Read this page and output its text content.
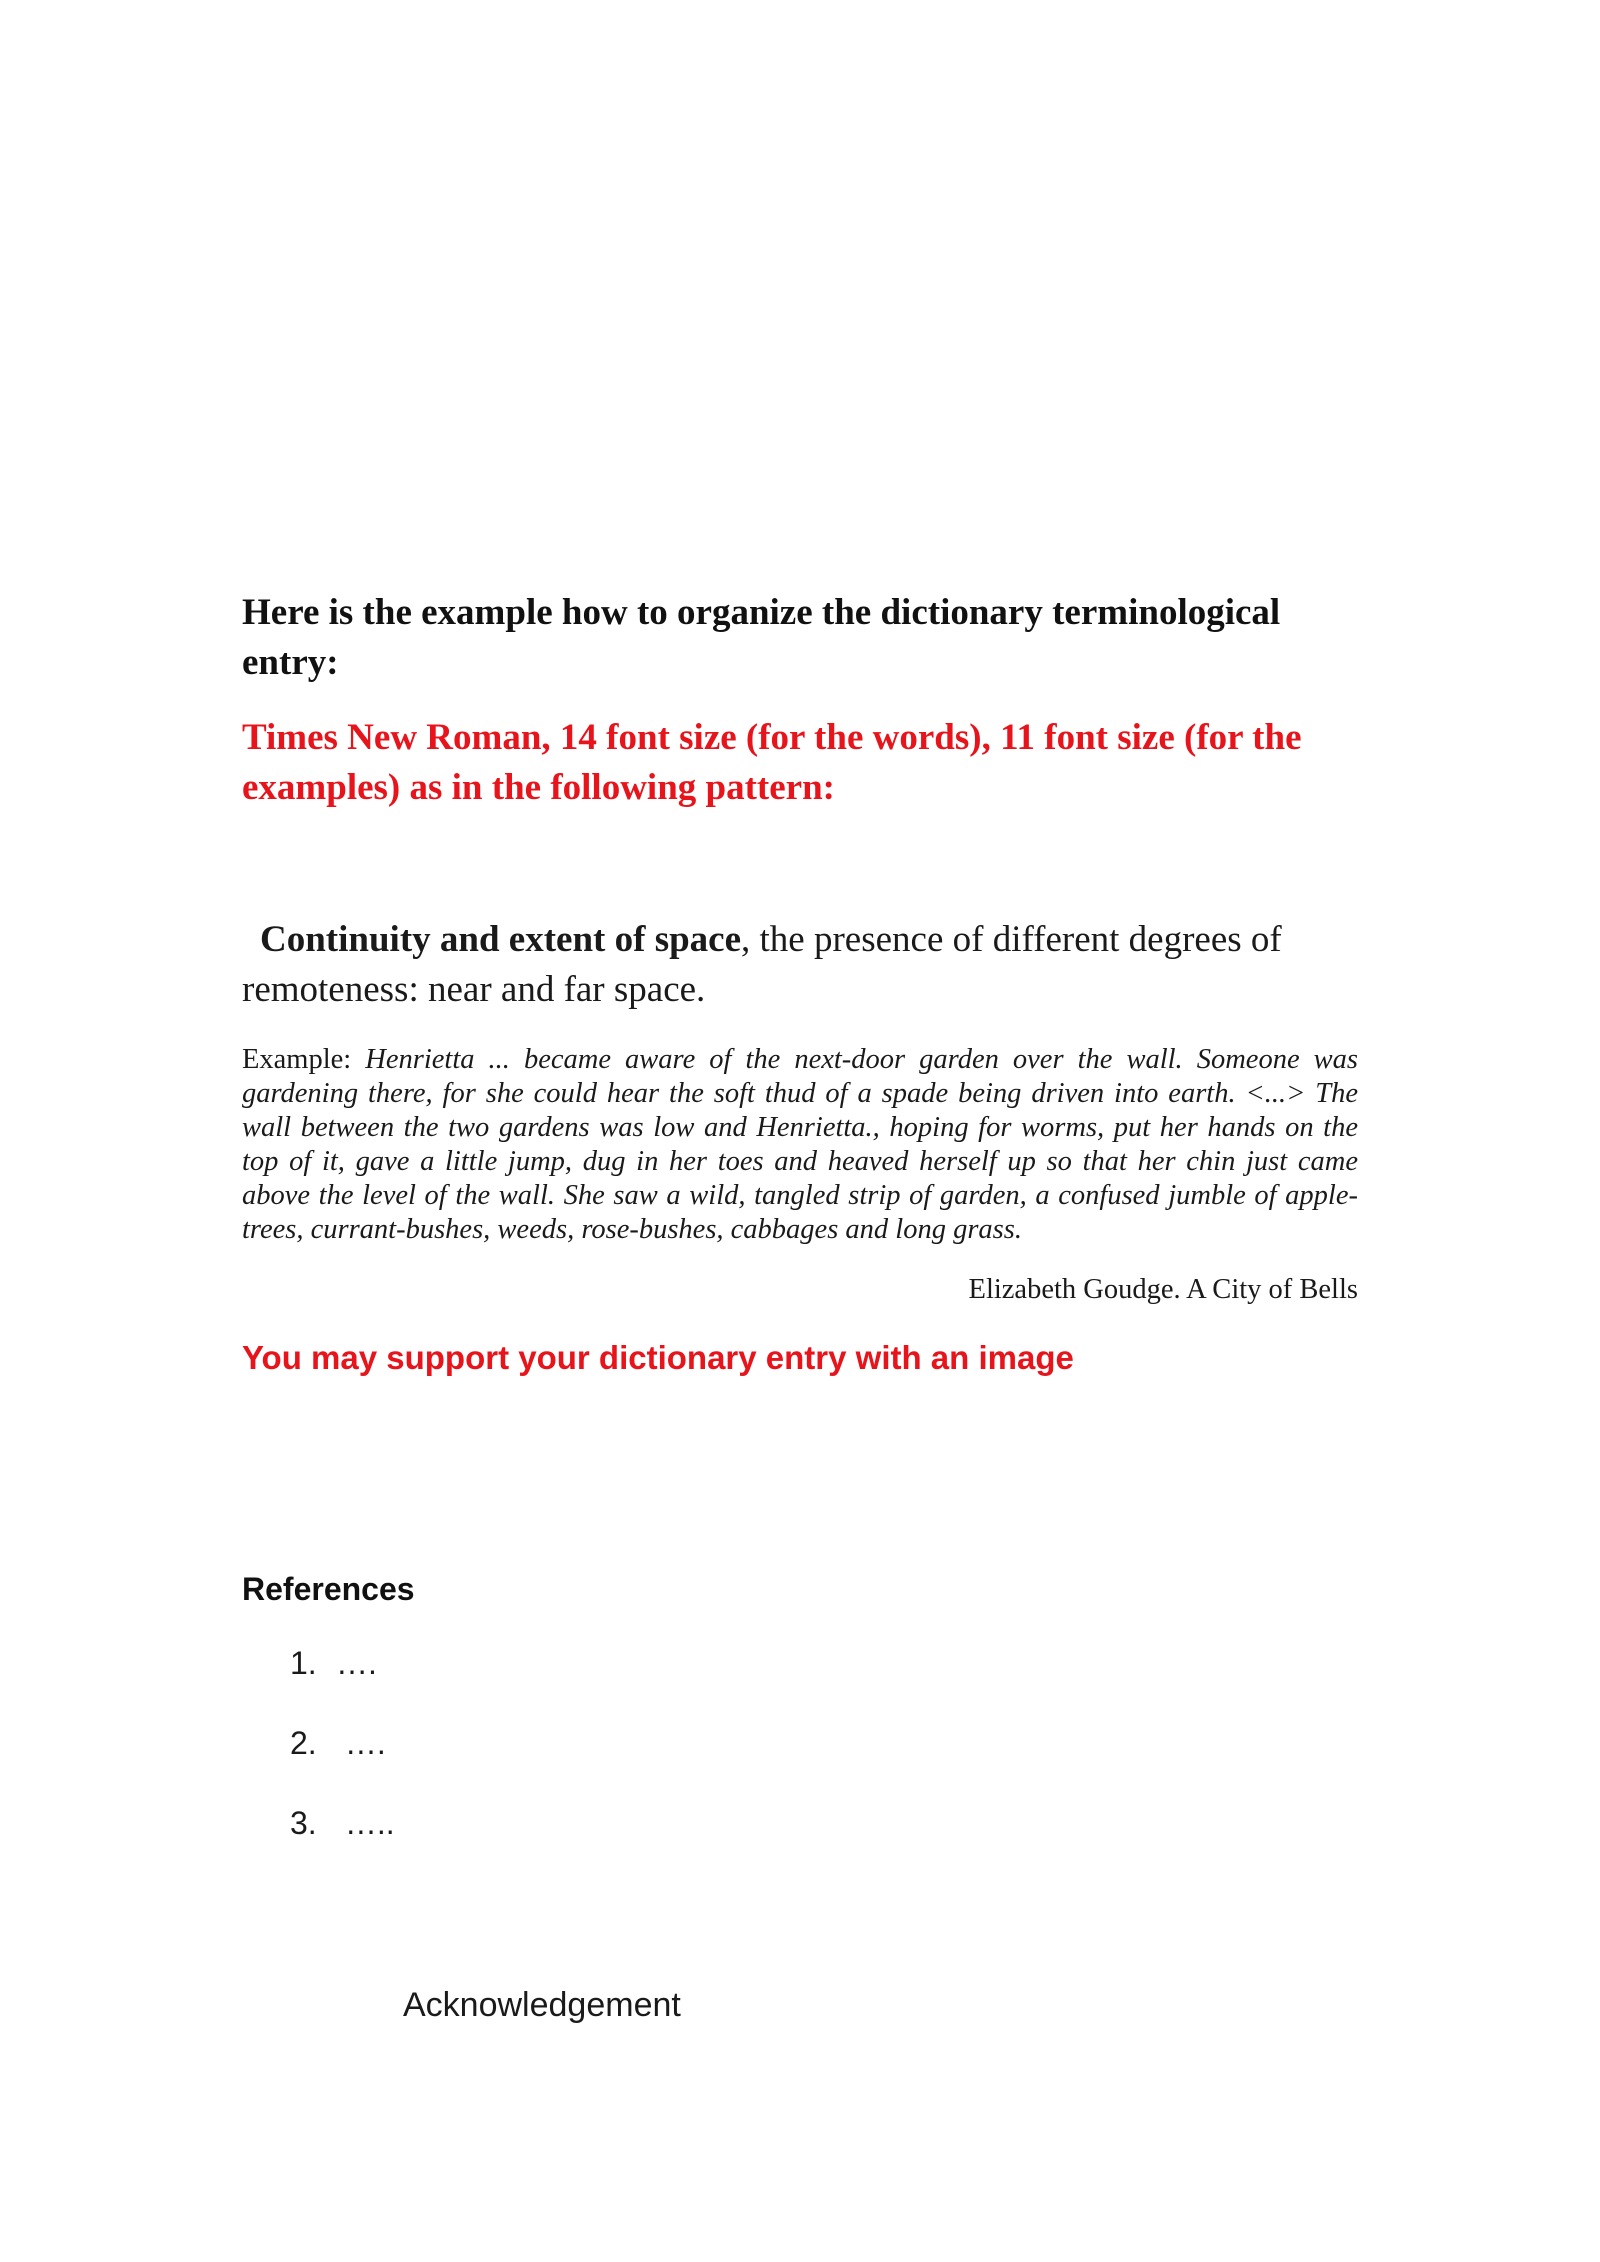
Here is the example how to organize the dictionary terminological entry:

Times New Roman, 14 font size (for the words), 11 font size (for the examples) as in the following pattern:

Continuity and extent of space, the presence of different degrees of remoteness: near and far space.

Example: Henrietta ... became aware of the next-door garden over the wall. Someone was gardening there, for she could hear the soft thud of a spade being driven into earth. <...> The wall between the two gardens was low and Henrietta., hoping for worms, put her hands on the top of it, gave a little jump, dug in her toes and heaved herself up so that her chin just came above the level of the wall. She saw a wild, tangled strip of garden, a confused jumble of apple-trees, currant-bushes, weeds, rose-bushes, cabbages and long grass.

Elizabeth Goudge. A City of Bells

You may support your dictionary entry with an image

References

1. ….
2. ….
3. …..
Acknowledgement
